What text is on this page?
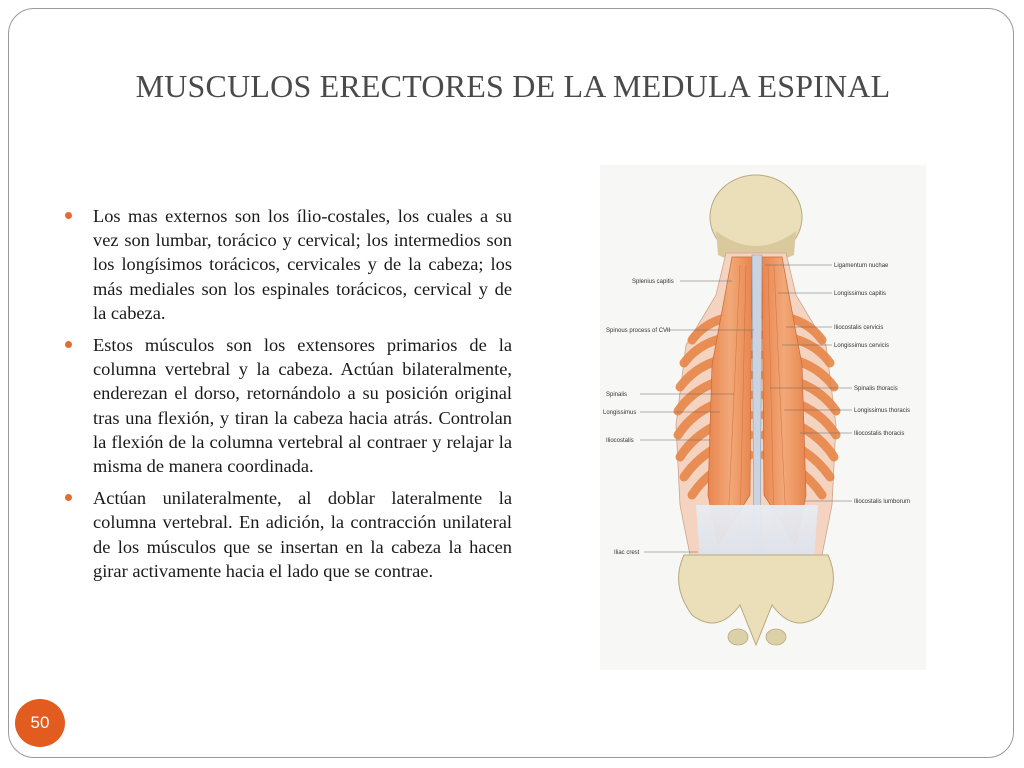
MUSCULOS ERECTORES DE LA MEDULA ESPINAL
Los mas externos son los ílio-costales, los cuales a su vez son lumbar, torácico y cervical; los intermedios son los longísimos torácicos, cervicales y de la cabeza; los más mediales son los espinales torácicos, cervical y de la cabeza.
Estos músculos son los extensores primarios de la columna vertebral y la cabeza. Actúan bilateralmente, enderezan el dorso, retornándolo a su posición original tras una flexión, y tiran la cabeza hacia atrás. Controlan la flexión de la columna vertebral al contraer y relajar la misma de manera coordinada.
Actúan unilateralmente, al doblar lateralmente la columna vertebral. En adición, la contracción unilateral de los músculos que se insertan en la cabeza la hacen girar activamente hacia el lado que se contrae.
Splenius capitis
Spinous process of CVII
Spinalis
Longissimus
Iliocostalis
Iliac crest
Ligamentum nuchae
Longissimus capitis
Iliocostalis cervicis
Longissimus cervicis
Spinalis thoracis
Longissimus thoracis
Iliocostalis thoracis
Iliocostalis lumborum
50
